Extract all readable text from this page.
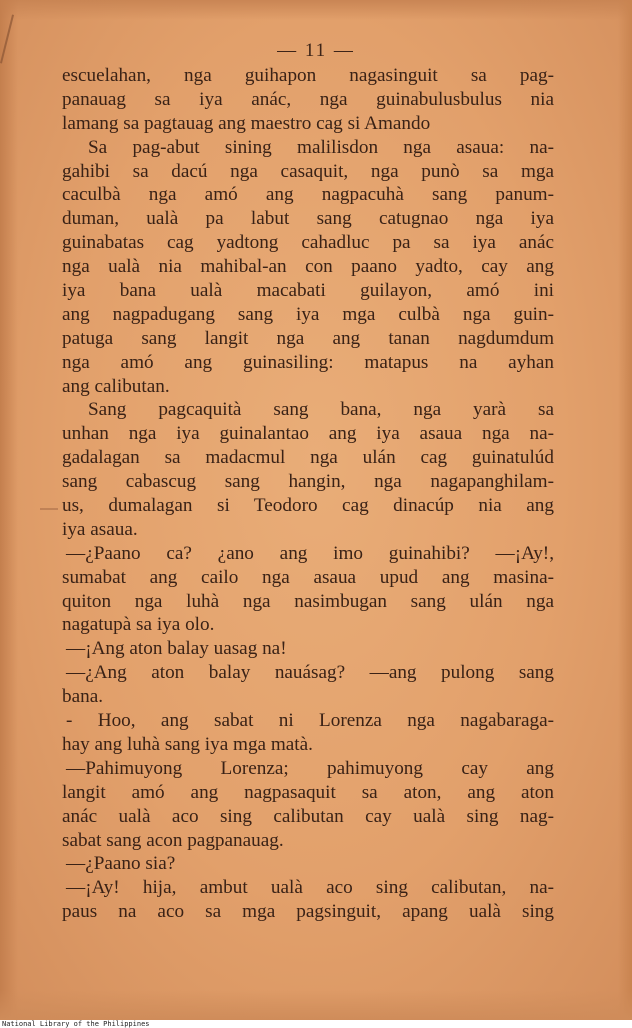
— 11 —
escuelahan, nga guihapon nagasinguit sa pag-
panauag sa iya anác, nga guinabulusbulus nia
lamang sa pagtauag ang maestro cag si Amando
Sa pag-abut sining malilisdon nga asaua: na-
gahibi sa dacú nga casaquit, nga punò sa mga
caculbà nga amó ang nagpacuhà sang panum-
duman, ualà pa labut sang catugnao nga iya
guinabatas cag yadtong cahadluc pa sa iya anác
nga ualà nia mahibal-an con paano yadto, cay ang
iya bana ualà macabati guilayon, amó ini
ang nagpadugang sang iya mga culbà nga guin-
patuga sang langit nga ang tanan nagdumdum
nga amó ang guinasiling: matapus na ayhan
ang calibutan.
Sang pagcaquità sang bana, nga yarà sa
unhan nga iya guinalantao ang iya asaua nga na-
gadalagan sa madacmul nga ulán cag guinatulúd
sang cabascug sang hangin, nga nagapanghilam-
us, dumalagan si Teodoro cag dinacúp nia ang
iya asaua.
—¿Paano ca? ¿ano ang imo guinahibi? —¡Ay!,
sumabat ang cailo nga asaua upud ang masina-
quiton nga luhà nga nasimbugan sang ulán nga
nagatupà sa iya olo.
—¡Ang aton balay uasag na!
—¿Ang aton balay nauásag? —ang pulong sang
bana.
- Hoo, ang sabat ni Lorenza nga nagabaraga-
hay ang luhà sang iya mga matà.
—Pahimuyong Lorenza; pahimuyong cay ang
langit amó ang nagpasaquit sa aton, ang aton
anác ualà aco sing calibutan cay ualà sing nag-
sabat sang acon pagpanauag.
—¿Paano sia?
—¡Ay! hija, ambut ualà aco sing calibutan, na-
paus na aco sa mga pagsinguit, apang ualà sing
National Library of the Philippines
